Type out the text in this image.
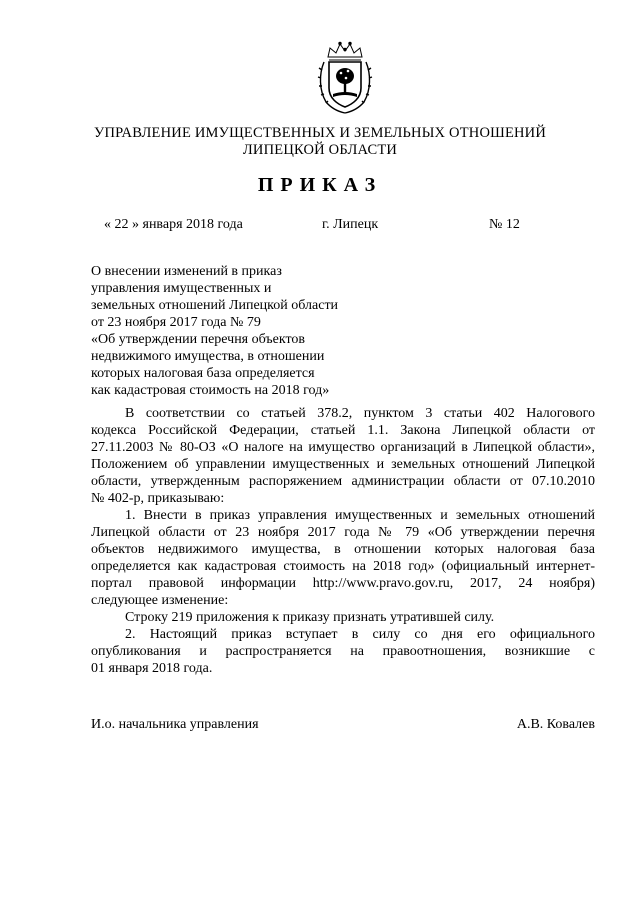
УПРАВЛЕНИЕ ИМУЩЕСТВЕННЫХ И ЗЕМЕЛЬНЫХ ОТНОШЕНИЙ
ЛИПЕЦКОЙ ОБЛАСТИ
ПРИКАЗ
« 22 » января 2018 года	г. Липецк	№ 12
О внесении изменений в приказ
управления имущественных и
земельных отношений Липецкой области
от 23 ноября 2017 года № 79
«Об утверждении перечня объектов
недвижимого имущества, в отношении
которых налоговая база определяется
как кадастровая стоимость на 2018 год»
В соответствии со статьей 378.2, пунктом 3 статьи 402 Налогового
кодекса Российской Федерации, статьей 1.1. Закона Липецкой области от
27.11.2003 № 80-ОЗ «О налоге на имущество организаций в Липецкой области»,
Положением об управлении имущественных и земельных отношений Липецкой
области, утвержденным распоряжением администрации области от 07.10.2010
№ 402-р, приказываю:
1. Внести в приказ управления имущественных и земельных отношений
Липецкой области от 23 ноября 2017 года № 79 «Об утверждении перечня
объектов недвижимого имущества, в отношении которых налоговая база
определяется как кадастровая стоимость на 2018 год» (официальный интернет-
портал правовой информации http://www.pravo.gov.ru, 2017, 24 ноября)
следующее изменение:
Строку 219 приложения к приказу признать утратившей силу.
2. Настоящий приказ вступает в силу со дня его официального
опубликования и распространяется на правоотношения, возникшие с
01 января 2018 года.
И.о. начальника управления	А.В. Ковалев
